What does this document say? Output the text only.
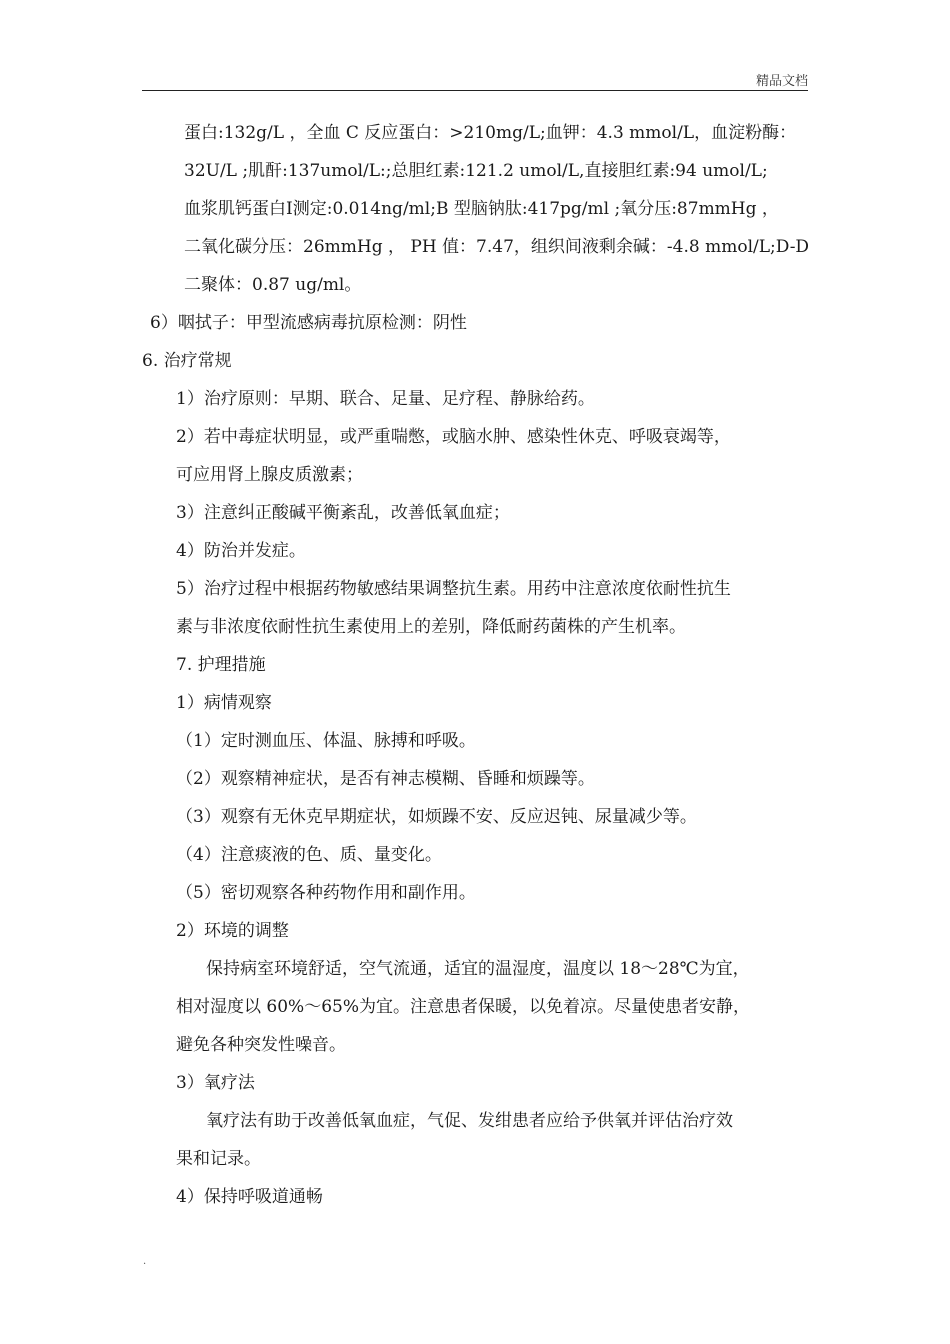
精品文档
蛋白:132g/L ，全血 C 反应蛋白：>210mg/L;血钾：4.3 mmol/L，血淀粉酶：
32U/L ;肌酐:137umol/L:;总胆红素:121.2 umol/L,直接胆红素:94 umol/L;
血浆肌钙蛋白Ⅰ测定:0.014ng/ml;B 型脑钠肽:417pg/ml ;氧分压:87mmHg ，
二氧化碳分压：26mmHg ， PH 值：7.47，组织间液剩余碱：-4.8 mmol/L;D-D
二聚体：0.87 ug/ml。
6）咽拭子：甲型流感病毒抗原检测：阴性
6. 治疗常规
1）治疗原则：早期、联合、足量、足疗程、静脉给药。
2）若中毒症状明显，或严重喘憋，或脑水肿、感染性休克、呼吸衰竭等，
可应用肾上腺皮质激素；
3）注意纠正酸碱平衡紊乱，改善低氧血症；
4）防治并发症。
5）治疗过程中根据药物敏感结果调整抗生素。用药中注意浓度依耐性抗生
素与非浓度依耐性抗生素使用上的差别，降低耐药菌株的产生机率。
7. 护理措施
1）病情观察
（1）定时测血压、体温、脉搏和呼吸。
（2）观察精神症状，是否有神志模糊、昏睡和烦躁等。
（3）观察有无休克早期症状，如烦躁不安、反应迟钝、尿量减少等。
（4）注意痰液的色、质、量变化。
（5）密切观察各种药物作用和副作用。
2）环境的调整
保持病室环境舒适，空气流通，适宜的温湿度，温度以 18～28℃为宜，
相对湿度以 60%～65%为宜。注意患者保暖，以免着凉。尽量使患者安静，
避免各种突发性噪音。
3）氧疗法
氧疗法有助于改善低氧血症，气促、发绀患者应给予供氧并评估治疗效
果和记录。
4）保持呼吸道通畅
.
